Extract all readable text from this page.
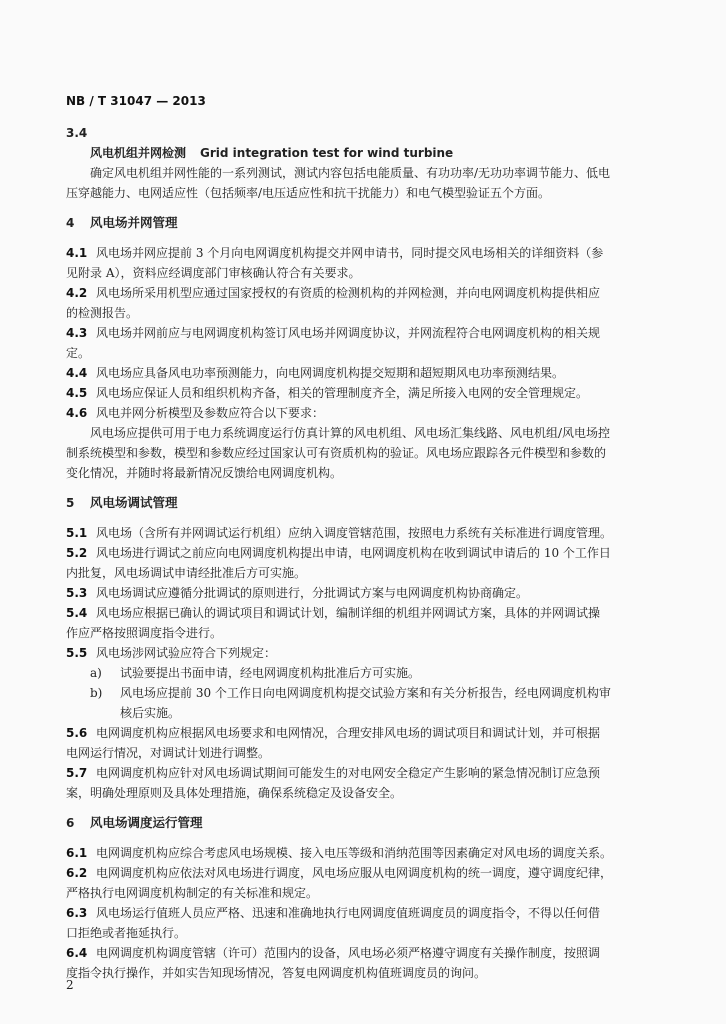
NB / T 31047 — 2013
3.4
风电机组并网检测 Grid integration test for wind turbine
确定风电机组并网性能的一系列测试，测试内容包括电能质量、有功功率/无功功率调节能力、低电
压穿越能力、电网适应性（包括频率/电压适应性和抗干扰能力）和电气模型验证五个方面。
4 风电场并网管理
4.1 风电场并网应提前 3 个月向电网调度机构提交并网申请书，同时提交风电场相关的详细资料（参
见附录 A），资料应经调度部门审核确认符合有关要求。
4.2 风电场所采用机型应通过国家授权的有资质的检测机构的并网检测，并向电网调度机构提供相应
的检测报告。
4.3 风电场并网前应与电网调度机构签订风电场并网调度协议，并网流程符合电网调度机构的相关规
定。
4.4 风电场应具备风电功率预测能力，向电网调度机构提交短期和超短期风电功率预测结果。
4.5 风电场应保证人员和组织机构齐备，相关的管理制度齐全，满足所接入电网的安全管理规定。
4.6 风电并网分析模型及参数应符合以下要求：
风电场应提供可用于电力系统调度运行仿真计算的风电机组、风电场汇集线路、风电机组/风电场控
制系统模型和参数，模型和参数应经过国家认可有资质机构的验证。风电场应跟踪各元件模型和参数的
变化情况，并随时将最新情况反馈给电网调度机构。
5 风电场调试管理
5.1 风电场（含所有并网调试运行机组）应纳入调度管辖范围，按照电力系统有关标准进行调度管理。
5.2 风电场进行调试之前应向电网调度机构提出申请，电网调度机构在收到调试申请后的 10 个工作日
内批复，风电场调试申请经批准后方可实施。
5.3 风电场调试应遵循分批调试的原则进行，分批调试方案与电网调度机构协商确定。
5.4 风电场应根据已确认的调试项目和调试计划，编制详细的机组并网调试方案，具体的并网调试操
作应严格按照调度指令进行。
5.5 风电场涉网试验应符合下列规定：
a) 试验要提出书面申请，经电网调度机构批准后方可实施。
b) 风电场应提前 30 个工作日向电网调度机构提交试验方案和有关分析报告，经电网调度机构审
核后实施。
5.6 电网调度机构应根据风电场要求和电网情况，合理安排风电场的调试项目和调试计划，并可根据
电网运行情况，对调试计划进行调整。
5.7 电网调度机构应针对风电场调试期间可能发生的对电网安全稳定产生影响的紧急情况制订应急预
案，明确处理原则及具体处理措施，确保系统稳定及设备安全。
6 风电场调度运行管理
6.1 电网调度机构应综合考虑风电场规模、接入电压等级和消纳范围等因素确定对风电场的调度关系。
6.2 电网调度机构应依法对风电场进行调度，风电场应服从电网调度机构的统一调度，遵守调度纪律，
严格执行电网调度机构制定的有关标准和规定。
6.3 风电场运行值班人员应严格、迅速和准确地执行电网调度值班调度员的调度指令，不得以任何借
口拒绝或者拖延执行。
6.4 电网调度机构调度管辖（许可）范围内的设备，风电场必须严格遵守调度有关操作制度，按照调
度指令执行操作，并如实告知现场情况，答复电网调度机构值班调度员的询问。
2
